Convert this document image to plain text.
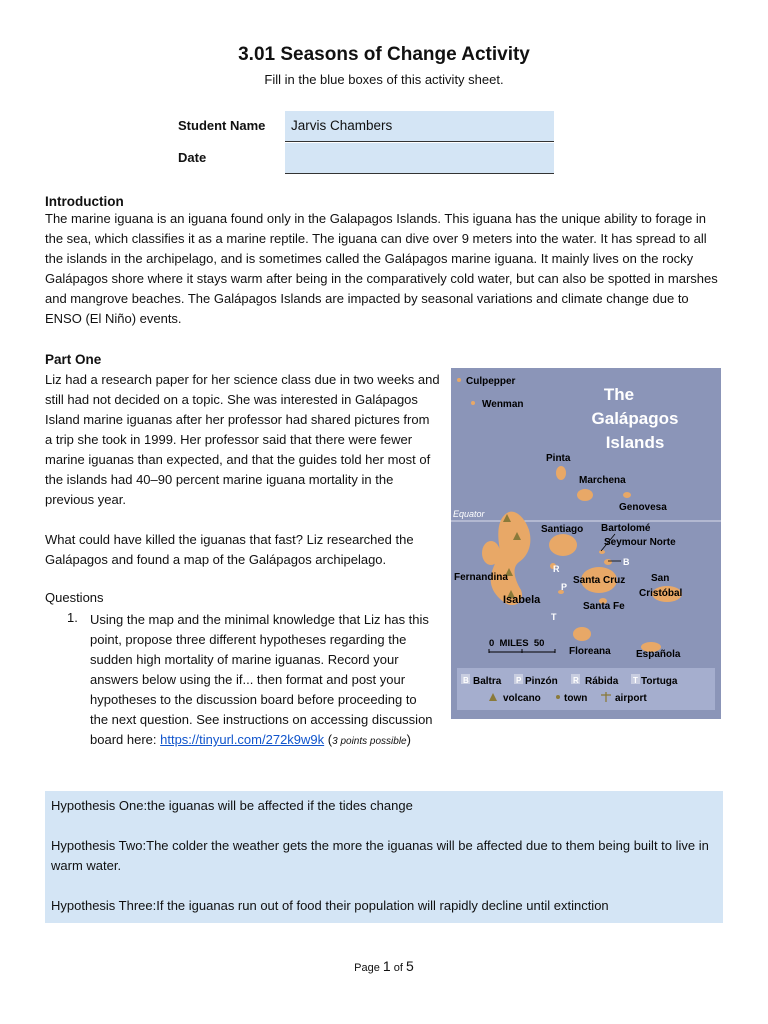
3.01 Seasons of Change Activity
Fill in the blue boxes of this activity sheet.
Student Name	Jarvis Chambers
Date
Introduction
The marine iguana is an iguana found only in the Galapagos Islands. This iguana has the unique ability to forage in the sea, which classifies it as a marine reptile. The iguana can dive over 9 meters into the water. It has spread to all the islands in the archipelago, and is sometimes called the Galápagos marine iguana. It mainly lives on the rocky Galápagos shore where it stays warm after being in the comparatively cold water, but can also be spotted in marshes and mangrove beaches. The Galápagos Islands are impacted by seasonal variations and climate change due to ENSO (El Niño) events.
Part One
Liz had a research paper for her science class due in two weeks and still had not decided on a topic. She was interested in Galápagos Island marine iguanas after her professor had shared pictures from a trip she took in 1999. Her professor said that there were fewer marine iguanas than expected, and that the guides told her most of the islands had 40–90 percent marine iguana mortality in the previous year.
What could have killed the iguanas that fast? Liz researched the Galápagos and found a map of the Galápagos archipelago.
Questions
1. Using the map and the minimal knowledge that Liz has this point, propose three different hypotheses regarding the sudden high mortality of marine iguanas. Record your answers below using the if... then format and post your hypotheses to the discussion board before proceeding to the next question. See instructions on accessing discussion board here: https://tinyurl.com/272k9w9k (3 points possible)
The
Galápagos
Islands
Culpepper
Wenman
Pinta
Marchena
Genovesa
Equator
Santiago Bartolomé
Seymour Norte
B
R
P
T
Fernandina
Isabela
Santa Cruz	San
Cristóbal
Santa Fe
Floreana	Española
0  MILES  50
B Baltra P Pinzón R Rábida T Tortuga
volcano town	airport

Hypothesis One:the iguanas will be affected if the tides change

Hypothesis Two:The colder the weather gets the more the iguanas will be affected due to them being built to live in warm water.

Hypothesis Three:If the iguanas run out of food their population will rapidly decline until extinction

Page 1 of 5
